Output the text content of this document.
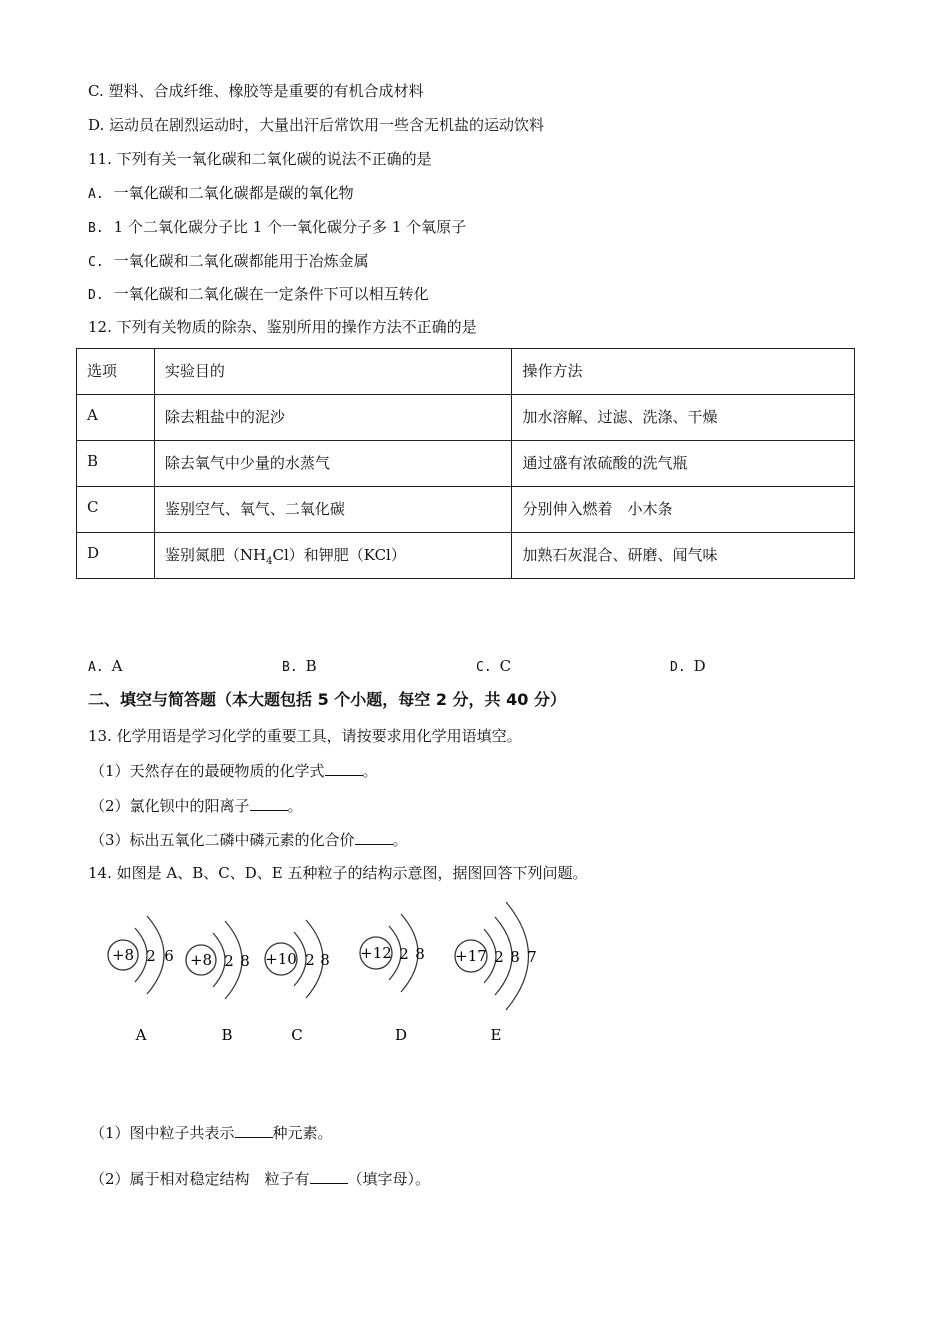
C. 塑料、合成纤维、橡胶等是重要的有机合成材料
D. 运动员在剧烈运动时，大量出汗后常饮用一些含无机盐的运动饮料
11. 下列有关一氧化碳和二氧化碳的说法不正确的是
A. 一氧化碳和二氧化碳都是碳的氧化物
B. 1 个二氧化碳分子比 1 个一氧化碳分子多 1 个氧原子
C. 一氧化碳和二氧化碳都能用于冶炼金属
D. 一氧化碳和二氧化碳在一定条件下可以相互转化
12. 下列有关物质的除杂、鉴别所用的操作方法不正确的是
选项	实验目的	操作方法
A	除去粗盐中的泥沙	加水溶解、过滤、洗涤、干燥
B	除去氧气中少量的水蒸气	通过盛有浓硫酸的洗气瓶
C	鉴别空气、氧气、二氧化碳	分别伸入燃着　小木条
D	鉴别氮肥$(NH_4Cl)$和钾肥（KCl）	加熟石灰混合、研磨、闻气味
A. A	B. B	C. C	D. D
二、填空与简答题（本大题包括 5 个小题，每空 2 分，共 40 分）
13. 化学用语是学习化学的重要工具，请按要求用化学用语填空。
（1）天然存在的最硬物质的化学式	。
（2）氯化钡中的阳离子	。
（3）标出五氧化二磷中磷元素的化合价	。
14. 如图是 A、B、C、D、E 五种粒子的结构示意图，据图回答下列问题。
+8 2 6
A
+8 2 8
B
+10 2 8
C
+12 2 8
D
+17 2 8 7
E
（1）图中粒子共表示	种元素。
（2）属于相对稳定结构　粒子有	（填字母）。
